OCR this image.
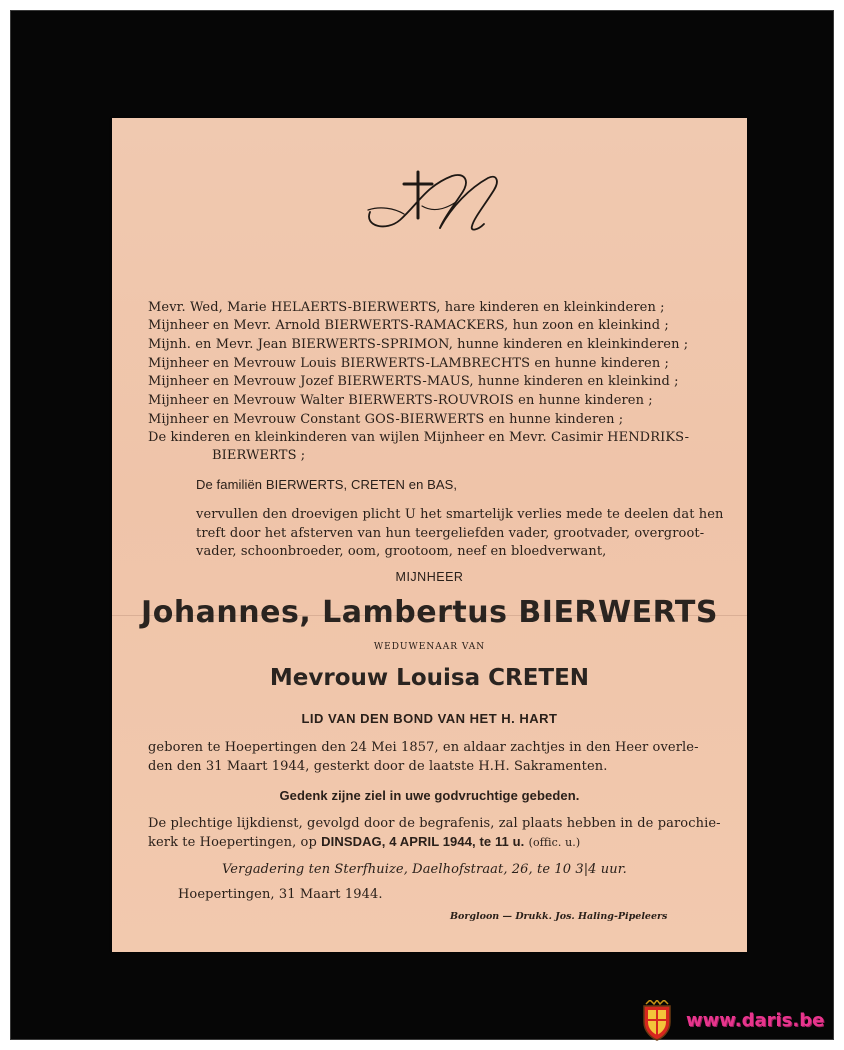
Mevr. Wed, Marie HELAERTS-BIERWERTS, hare kinderen en kleinkinderen ;
Mijnheer en Mevr. Arnold BIERWERTS-RAMACKERS, hun zoon en kleinkind ;
Mijnh. en Mevr. Jean BIERWERTS-SPRIMON, hunne kinderen en kleinkinderen ;
Mijnheer en Mevrouw Louis BIERWERTS-LAMBRECHTS en hunne kinderen ;
Mijnheer en Mevrouw Jozef BIERWERTS-MAUS, hunne kinderen en kleinkind ;
Mijnheer en Mevrouw Walter BIERWERTS-ROUVROIS en hunne kinderen ;
Mijnheer en Mevrouw Constant GOS-BIERWERTS en hunne kinderen ;
De kinderen en kleinkinderen van wijlen Mijnheer en Mevr. Casimir HENDRIKS-
BIERWERTS ;
De familiën BIERWERTS, CRETEN en BAS,
vervullen den droevigen plicht U het smartelijk verlies mede te deelen dat hen
treft door het afsterven van hun teergeliefden vader, grootvader, overgroot-
vader, schoonbroeder, oom, grootoom, neef en bloedverwant,
MIJNHEER
Johannes, Lambertus BIERWERTS
WEDUWENAAR VAN
Mevrouw Louisa CRETEN
LID VAN DEN BOND VAN HET H. HART
geboren te Hoepertingen den 24 Mei 1857, en aldaar zachtjes in den Heer overle-
den den 31 Maart 1944, gesterkt door de laatste H.H. Sakramenten.
Gedenk zijne ziel in uwe godvruchtige gebeden.
De plechtige lijkdienst, gevolgd door de begrafenis, zal plaats hebben in de parochie-
kerk te Hoepertingen, op DINSDAG, 4 APRIL 1944, te 11 u. (offic. u.)
Vergadering ten Sterfhuize, Daelhofstraat, 26, te 10 3|4 uur.
Hoepertingen, 31 Maart 1944.
Borgloon — Drukk. Jos. Haling-Pipeleers
www.daris.be
